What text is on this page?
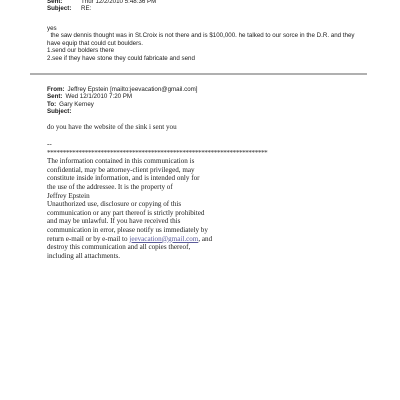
Sent:	Thur 12/2/2010 5:48:36 PM
Subject:	RE:
yes
the saw dennis thought was in St.Croix is not there and is $100,000. he talked to our sorce in the D.R. and they
have equip that could cut boulders.
1.send our bolders there
2.see if they have stone they could fabricate and send
From: Jeffrey Epstein [mailto:jeevacation@gmail.com]
Sent: Wed 12/1/2010 7:20 PM
To: Gary Kerney
Subject:
do you have the website of the sink i sent you
--
**********************************************************************
The information contained in this communication is
confidential, may be attorney-client privileged, may
constitute inside information, and is intended only for
the use of the addressee. It is the property of
Jeffrey Epstein
Unauthorized use, disclosure or copying of this
communication or any part thereof is strictly prohibited
and may be unlawful. If you have received this
communication in error, please notify us immediately by
return e-mail or by e-mail to jeevacation@gmail.com, and
destroy this communication and all copies thereof,
including all attachments.
